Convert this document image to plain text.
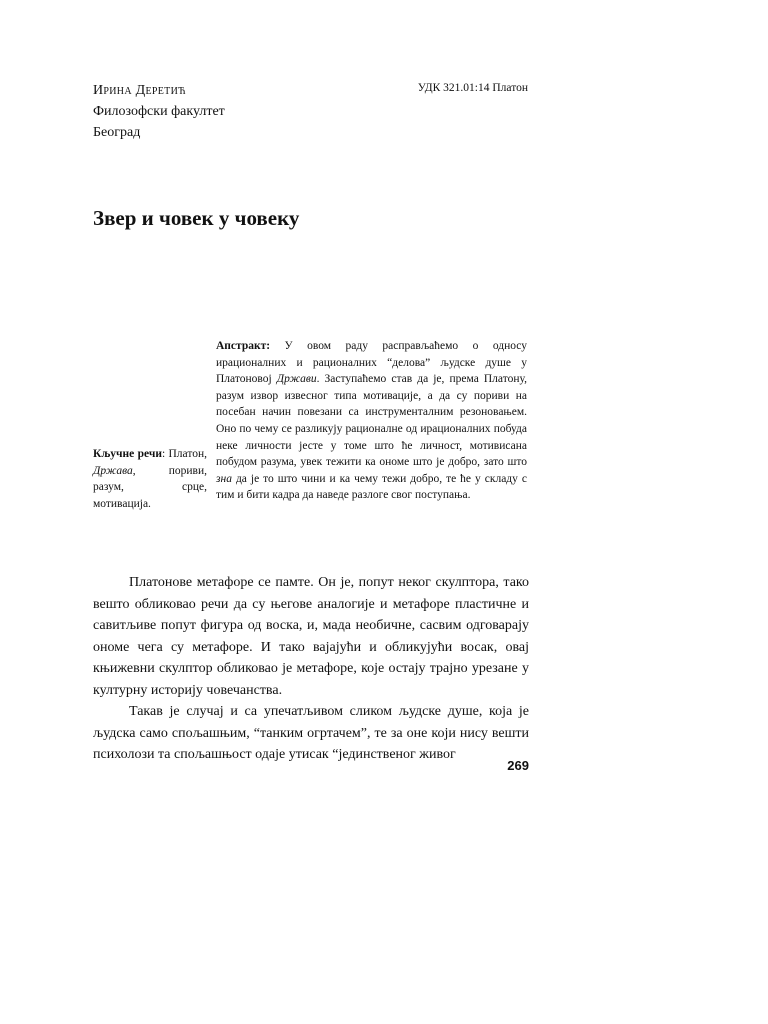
Ирина Деретић
Филозофски факултет
Београд
УДК 321.01:14 Платон
Звер и човек у човеку
Апстракт: У овом раду расправљаћемо о односу ирационалних и рационалних “делова” људске душе у Платоновој Држави. Заступаћемо став да је, према Платону, разум извор извесног типа мотивације, а да су пориви на посебан начин повезани са инструменталним резоновањем. Оно по чему се разликују рационалне од ирационалних побуда неке личности јесте у томе што ће личност, мотивисана побудом разума, увек тежити ка ономе што је добро, зато што зна да је то што чини и ка чему тежи добро, те ће у складу с тим и бити кадра да наведе разлоге свог поступања.
Кључне речи: Платон, Држава, пориви, разум, срце, мотивација.

Платонове метафоре се памте. Он је, попут неког скулптора, тако вешто обликовао речи да су његове аналогије и метафоре пластичне и савитљиве попут фигура од воска, и, мада необичне, сасвим одговарају ономе чега су метафоре. И тако вајајући и обликујући восак, овај књижевни скулптор обликовао је метафоре, које остају трајно урезане у културну историју човечанства.

Такав је случај и са упечатљивом сликом људске душе, која је људска само спољашњим, “танким огртачем”, те за оне који нису вешти психолози та спољашњост одаје утисак “јединственог живог

269
